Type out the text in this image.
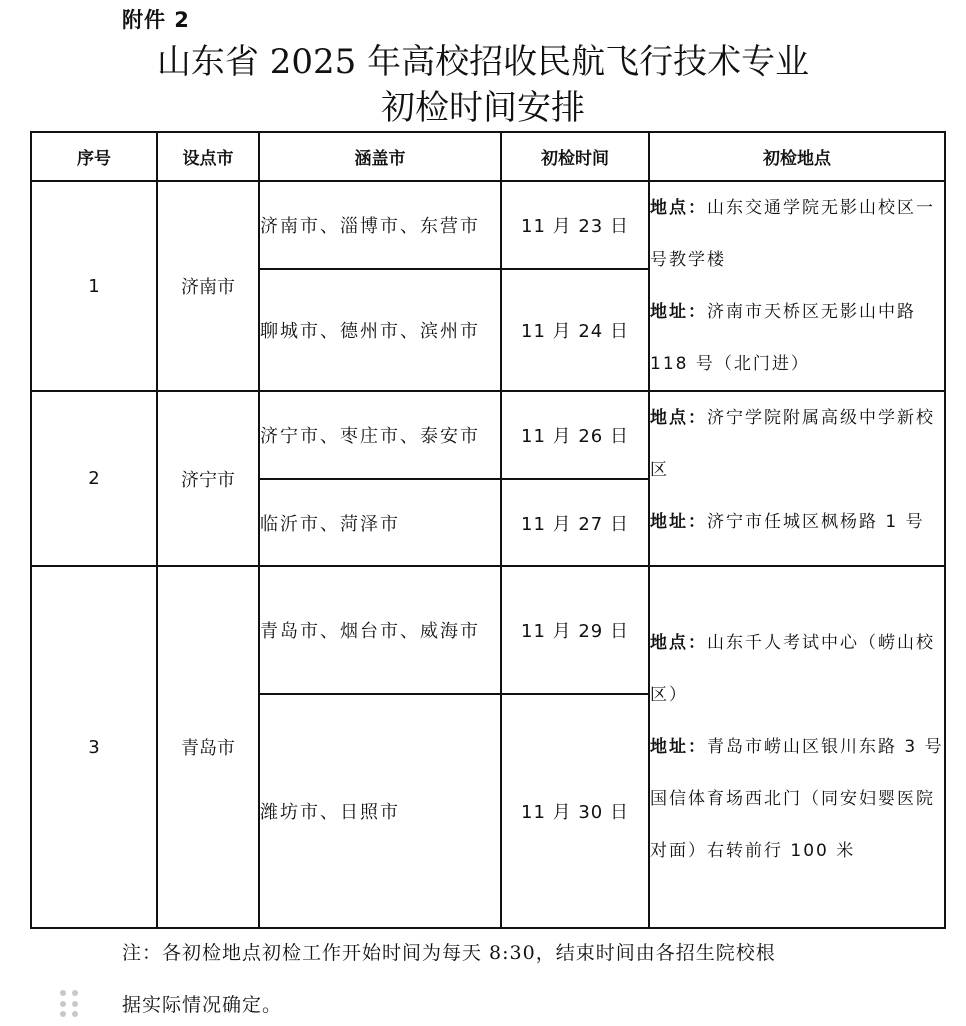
附件 2
山东省 2025 年高校招收民航飞行技术专业
初检时间安排
序号	设点市	涵盖市	初检时间	初检地点
1	济南市	济南市、淄博市、东营市	11 月 23 日	地点：山东交通学院无影山校区一号教学楼
地址：济南市天桥区无影山中路118 号（北门进）
		聊城市、德州市、滨州市	11 月 24 日	
2	济宁市	济宁市、枣庄市、泰安市	11 月 26 日	地点：济宁学院附属高级中学新校区
地址：济宁市任城区枫杨路 1 号
		临沂市、菏泽市	11 月 27 日	
3	青岛市	青岛市、烟台市、威海市	11 月 29 日	地点：山东千人考试中心（崂山校区）
地址：青岛市崂山区银川东路 3 号国信体育场西北门（同安妇婴医院对面）右转前行 100 米
		潍坊市、日照市	11 月 30 日	
注：各初检地点初检工作开始时间为每天 8:30，结束时间由各招生院校根
据实际情况确定。
